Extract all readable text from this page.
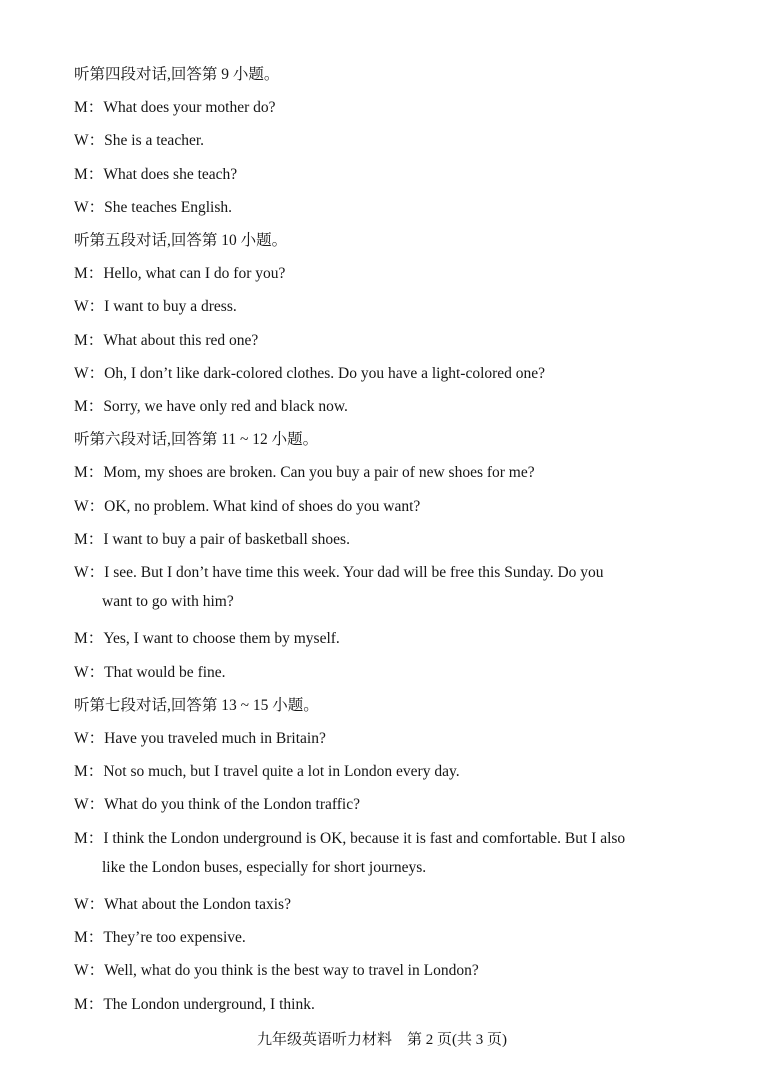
听第四段对话,回答第 9 小题。
M：What does your mother do?
W：She is a teacher.
M：What does she teach?
W：She teaches English.
听第五段对话,回答第 10 小题。
M：Hello, what can I do for you?
W：I want to buy a dress.
M：What about this red one?
W：Oh, I don’t like dark-colored clothes. Do you have a light-colored one?
M：Sorry, we have only red and black now.
听第六段对话,回答第 11 ~ 12 小题。
M：Mom, my shoes are broken. Can you buy a pair of new shoes for me?
W：OK, no problem. What kind of shoes do you want?
M：I want to buy a pair of basketball shoes.
W：I see. But I don’t have time this week. Your dad will be free this Sunday. Do you
want to go with him?
M：Yes, I want to choose them by myself.
W：That would be fine.
听第七段对话,回答第 13 ~ 15 小题。
W：Have you traveled much in Britain?
M：Not so much, but I travel quite a lot in London every day.
W：What do you think of the London traffic?
M：I think the London underground is OK, because it is fast and comfortable. But I also
like the London buses, especially for short journeys.
W：What about the London taxis?
M：They’re too expensive.
W：Well, what do you think is the best way to travel in London?
M：The London underground, I think.
九年级英语听力材料　第 2 页(共 3 页)
